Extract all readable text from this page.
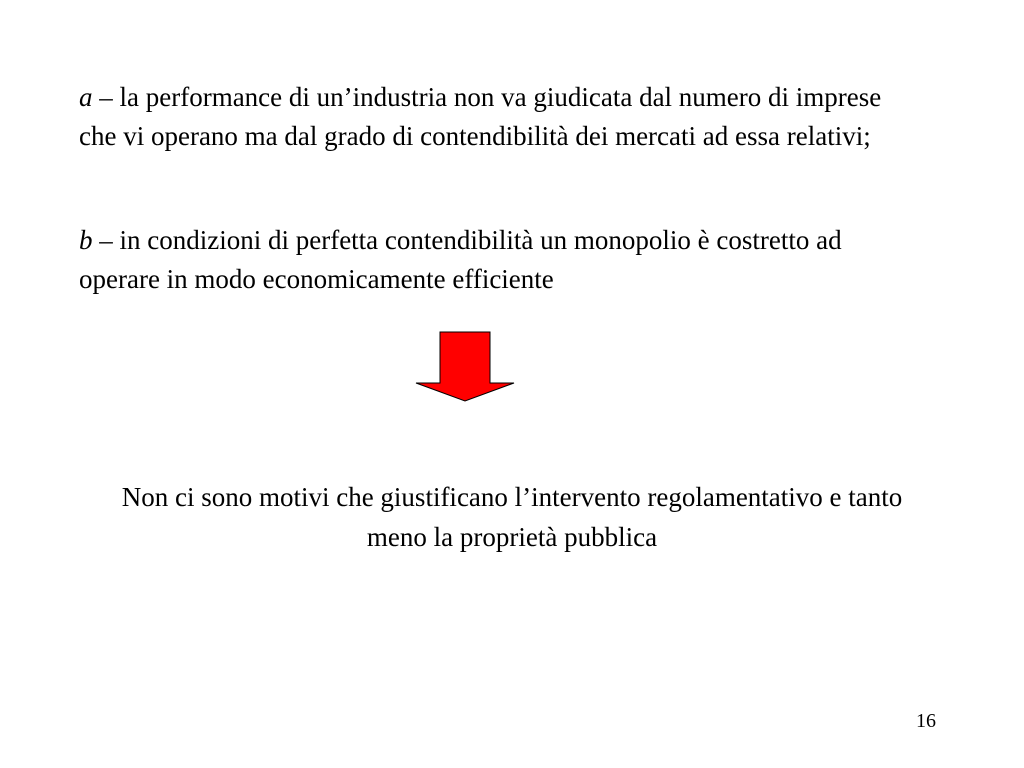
a – la performance di un’industria non va giudicata dal numero di imprese che vi operano ma dal grado di contendibilità dei mercati ad essa relativi;

b – in condizioni di perfetta contendibilità un monopolio è costretto ad operare in modo economicamente efficiente

Non ci sono motivi che giustificano l’intervento regolamentativo e tanto meno la proprietà pubblica

16
